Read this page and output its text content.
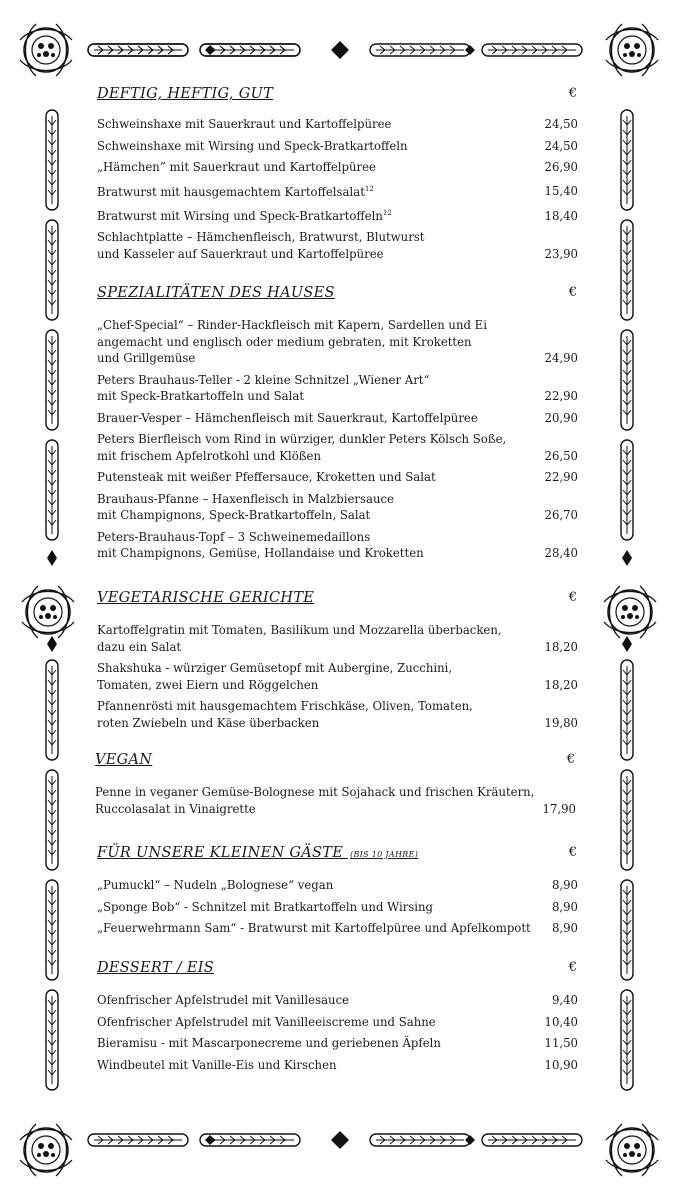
DEFTIG, HEFTIG, GUT	€
Schweinshaxe mit Sauerkraut und Kartoffelpüree	24,50
Schweinshaxe mit Wirsing und Speck-Bratkartoffeln	24,50
„Hämchen” mit Sauerkraut und Kartoffelpüree	26,90
Bratwurst mit hausgemachtem Kartoffelsalat$^{12}$	15,40
Bratwurst mit Wirsing und Speck-Bratkartoffeln$^{12}$	18,40
Schlachtplatte – Hämchenfleisch, Bratwurst, Blutwurst
und Kasseler auf Sauerkraut und Kartoffelpüree	23,90
SPEZIALITÄTEN DES HAUSES	€
„Chef-Special“ – Rinder-Hackfleisch mit Kapern, Sardellen und Ei
angemacht und englisch oder medium gebraten, mit Kroketten
und Grillgemüse	24,90
Peters Brauhaus-Teller - 2 kleine Schnitzel „Wiener Art“
mit Speck-Bratkartoffeln und Salat	22,90
Brauer-Vesper – Hämchenfleisch mit Sauerkraut, Kartoffelpüree	20,90
Peters Bierfleisch vom Rind in würziger, dunkler Peters Kölsch Soße,
mit frischem Apfelrotkohl und Klößen	26,50
Putensteak mit weißer Pfeffersauce, Kroketten und Salat	22,90
Brauhaus-Pfanne – Haxenfleisch in Malzbiersauce
mit Champignons, Speck-Bratkartoffeln, Salat	26,70
Peters-Brauhaus-Topf – 3 Schweinemedaillons
mit Champignons, Gemüse, Hollandaise und Kroketten	28,40
VEGETARISCHE GERICHTE	€
Kartoffelgratin mit Tomaten, Basilikum und Mozzarella überbacken,
dazu ein Salat	18,20
Shakshuka - würziger Gemüsetopf mit Aubergine, Zucchini,
Tomaten, zwei Eiern und Röggelchen	18,20
Pfannenrösti mit hausgemachtem Frischkäse, Oliven, Tomaten,
roten Zwiebeln und Käse überbacken	19,80
VEGAN	€
Penne in veganer Gemüse-Bolognese mit Sojahack und frischen Kräutern,
Ruccolasalat in Vinaigrette	17,90
FÜR UNSERE KLEINEN GÄSTE (BIS 10 JAHRE)	€
„Pumuckl“ – Nudeln „Bolognese“ vegan	8,90
„Sponge Bob“ - Schnitzel mit Bratkartoffeln und Wirsing	8,90
„Feuerwehrmann Sam“ - Bratwurst mit Kartoffelpüree und Apfelkompott	8,90
DESSERT / EIS	€
Ofenfrischer Apfelstrudel mit Vanillesauce	9,40
Ofenfrischer Apfelstrudel mit Vanilleeiscreme und Sahne	10,40
Bieramisu - mit Mascarponecreme und geriebenen Äpfeln	11,50
Windbeutel mit Vanille-Eis und Kirschen	10,90
